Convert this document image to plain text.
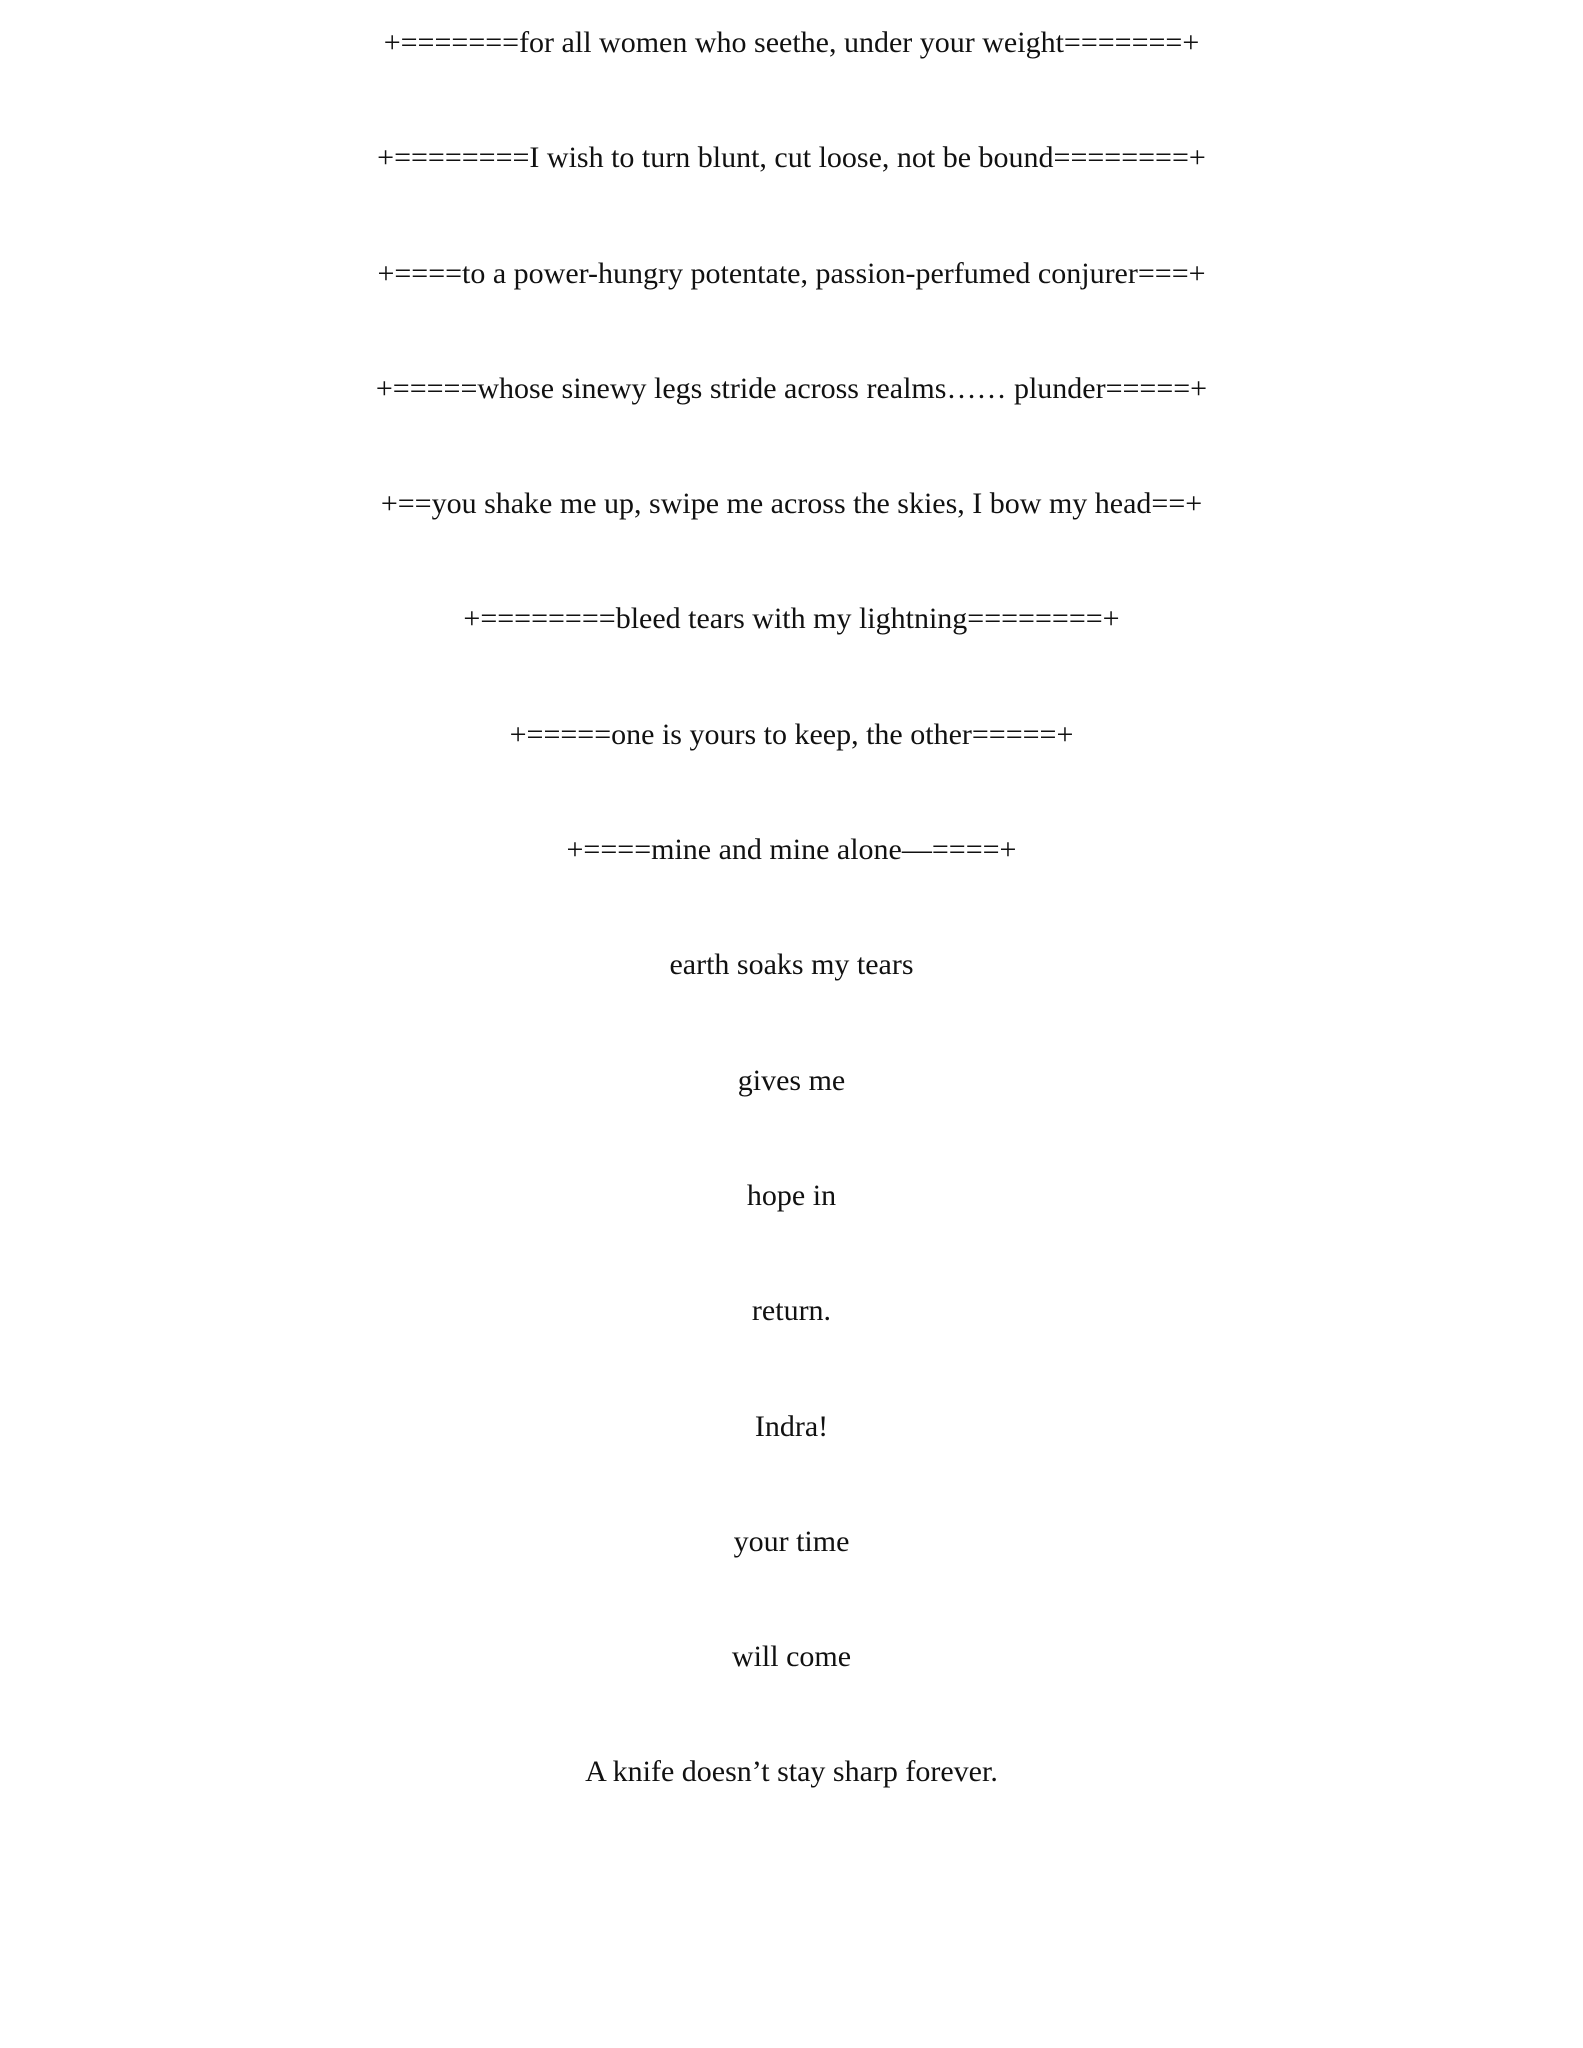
+=======for all women who seethe, under your weight=======+
+========I wish to turn blunt, cut loose, not be bound========+
+====to a power-hungry potentate, passion-perfumed conjurer===+
+=====whose sinewy legs stride across realms…… plunder=====+
+==you shake me up, swipe me across the skies, I bow my head==+
+========bleed tears with my lightning========+
+=====one is yours to keep, the other=====+
+====mine and mine alone—====+
earth soaks my tears
gives me
hope in
return.
Indra!
your time
will come
A knife doesn’t stay sharp forever.
